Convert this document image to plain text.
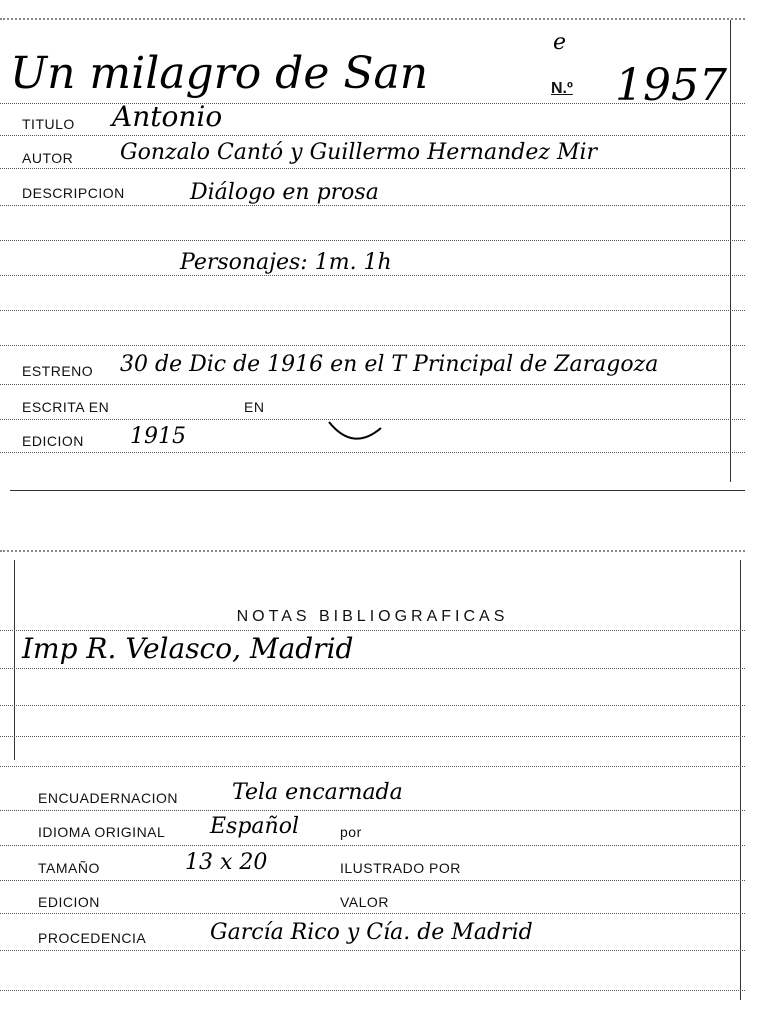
Un milagro de San
e
N.º 1957
TITULO Antonio
AUTOR Gonzalo Cantó y Guillermo Hernandez Mir
DESCRIPCION	Diálogo en prosa
Personajes: 1m. 1h
ESTRENO 30 de Dic de 1916 en el T Principal de Zaragoza
ESCRITA EN	EN
EDICION 1915
NOTAS BIBLIOGRAFICAS
Imp R. Velasco, Madrid
ENCUADERNACION Tela encarnada
IDIOMA ORIGINAL Español	por
TAMAÑO	13 x 20	ILUSTRADO POR
EDICION	VALOR
PROCEDENCIA	García Rico y Cía. de Madrid
